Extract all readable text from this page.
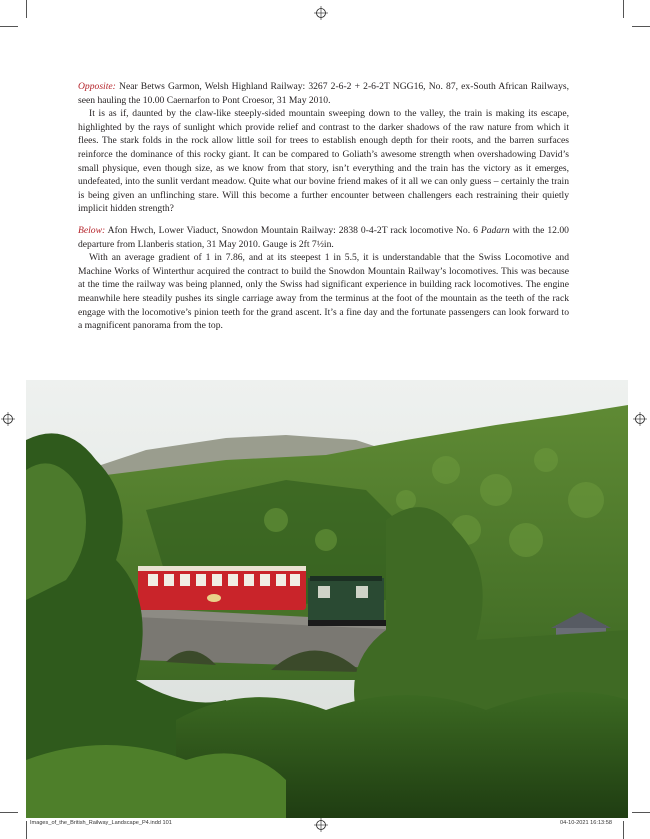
Opposite: Near Betws Garmon, Welsh Highland Railway: 3267 2-6-2 + 2-6-2T NGG16, No. 87, ex-South African Railways, seen hauling the 10.00 Caernarfon to Pont Croesor, 31 May 2010.

It is as if, daunted by the claw-like steeply-sided mountain sweeping down to the valley, the train is making its escape, highlighted by the rays of sunlight which provide relief and contrast to the darker shadows of the raw nature from which it flees. The stark folds in the rock allow little soil for trees to establish enough depth for their roots, and the barren surfaces reinforce the dominance of this rocky giant. It can be compared to Goliath’s awesome strength when overshadowing David’s small physique, even though size, as we know from that story, isn’t everything and the train has the victory as it emerges, undefeated, into the sunlit verdant meadow. Quite what our bovine friend makes of it all we can only guess – certainly the train is being given an unflinching stare. Will this become a further encounter between challengers each restraining their quietly implicit hidden strength?

Below: Afon Hwch, Lower Viaduct, Snowdon Mountain Railway: 2838 0-4-2T rack locomotive No. 6 Padarn with the 12.00 departure from Llanberis station, 31 May 2010. Gauge is 2ft 7½in.

With an average gradient of 1 in 7.86, and at its steepest 1 in 5.5, it is understandable that the Swiss Locomotive and Machine Works of Winterthur acquired the contract to build the Snowdon Mountain Railway’s locomotives. This was because at the time the railway was being planned, only the Swiss had significant experience in building rack locomotives. The engine meanwhile here steadily pushes its single carriage away from the terminus at the foot of the mountain as the teeth of the rack engage with the locomotive’s pinion teeth for the grand ascent. It’s a fine day and the fortunate passengers can look forward to a magnificent panorama from the top.

Images_of_the_British_Railway_Landscape_P4.indd 101	04-10-2021 16:13:58
